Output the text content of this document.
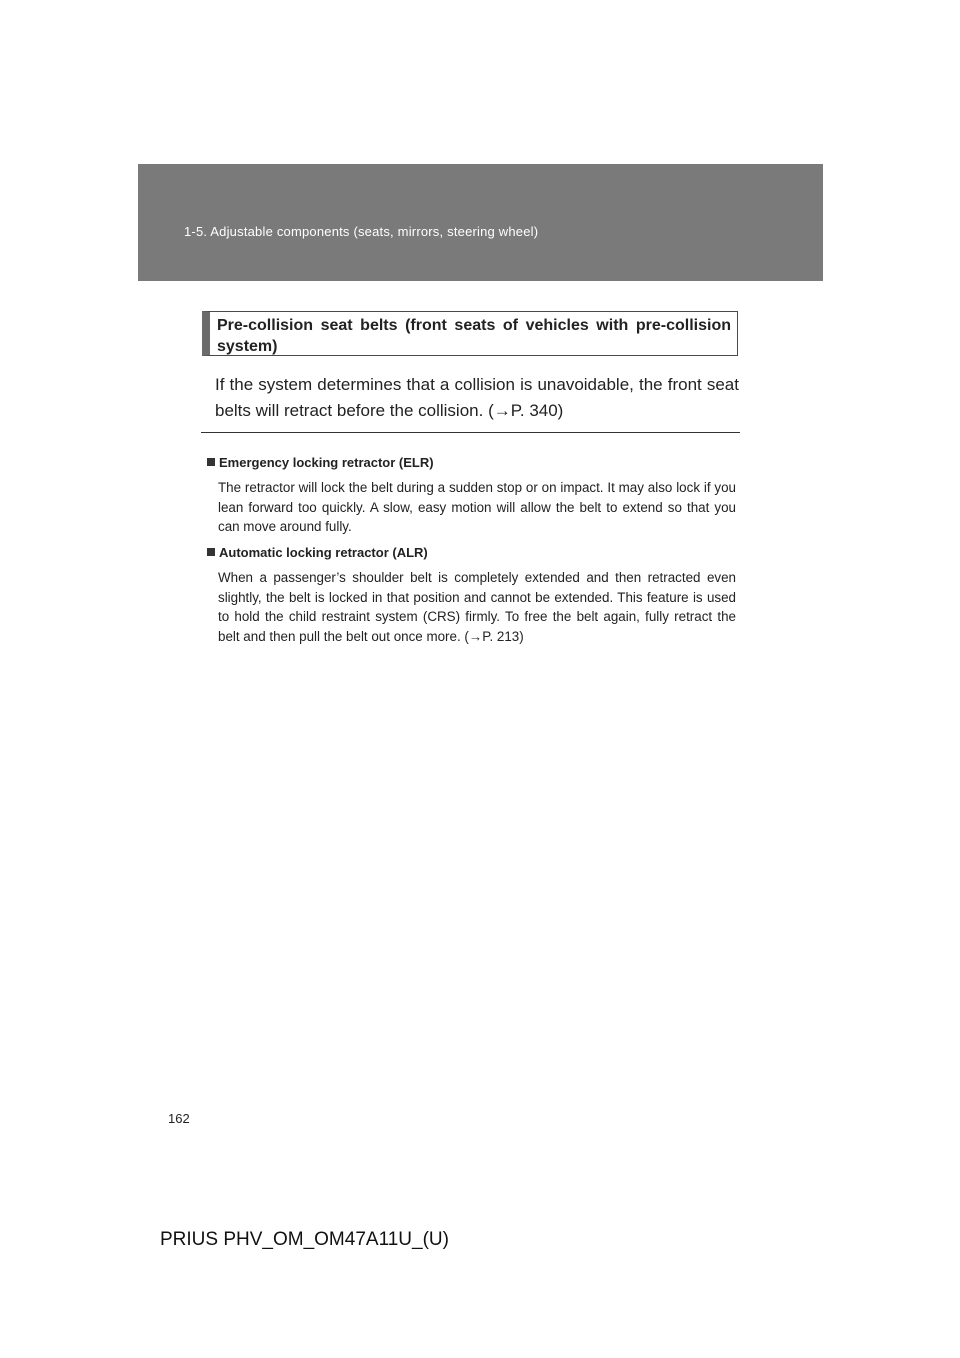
1-5. Adjustable components (seats, mirrors, steering wheel)
Pre-collision seat belts (front seats of vehicles with pre-collision system)
If the system determines that a collision is unavoidable, the front seat belts will retract before the collision. (→P. 340)
Emergency locking retractor (ELR)
The retractor will lock the belt during a sudden stop or on impact. It may also lock if you lean forward too quickly. A slow, easy motion will allow the belt to extend so that you can move around fully.
Automatic locking retractor (ALR)
When a passenger’s shoulder belt is completely extended and then retracted even slightly, the belt is locked in that position and cannot be extended. This feature is used to hold the child restraint system (CRS) firmly. To free the belt again, fully retract the belt and then pull the belt out once more. (→P. 213)
162
PRIUS PHV_OM_OM47A11U_(U)
